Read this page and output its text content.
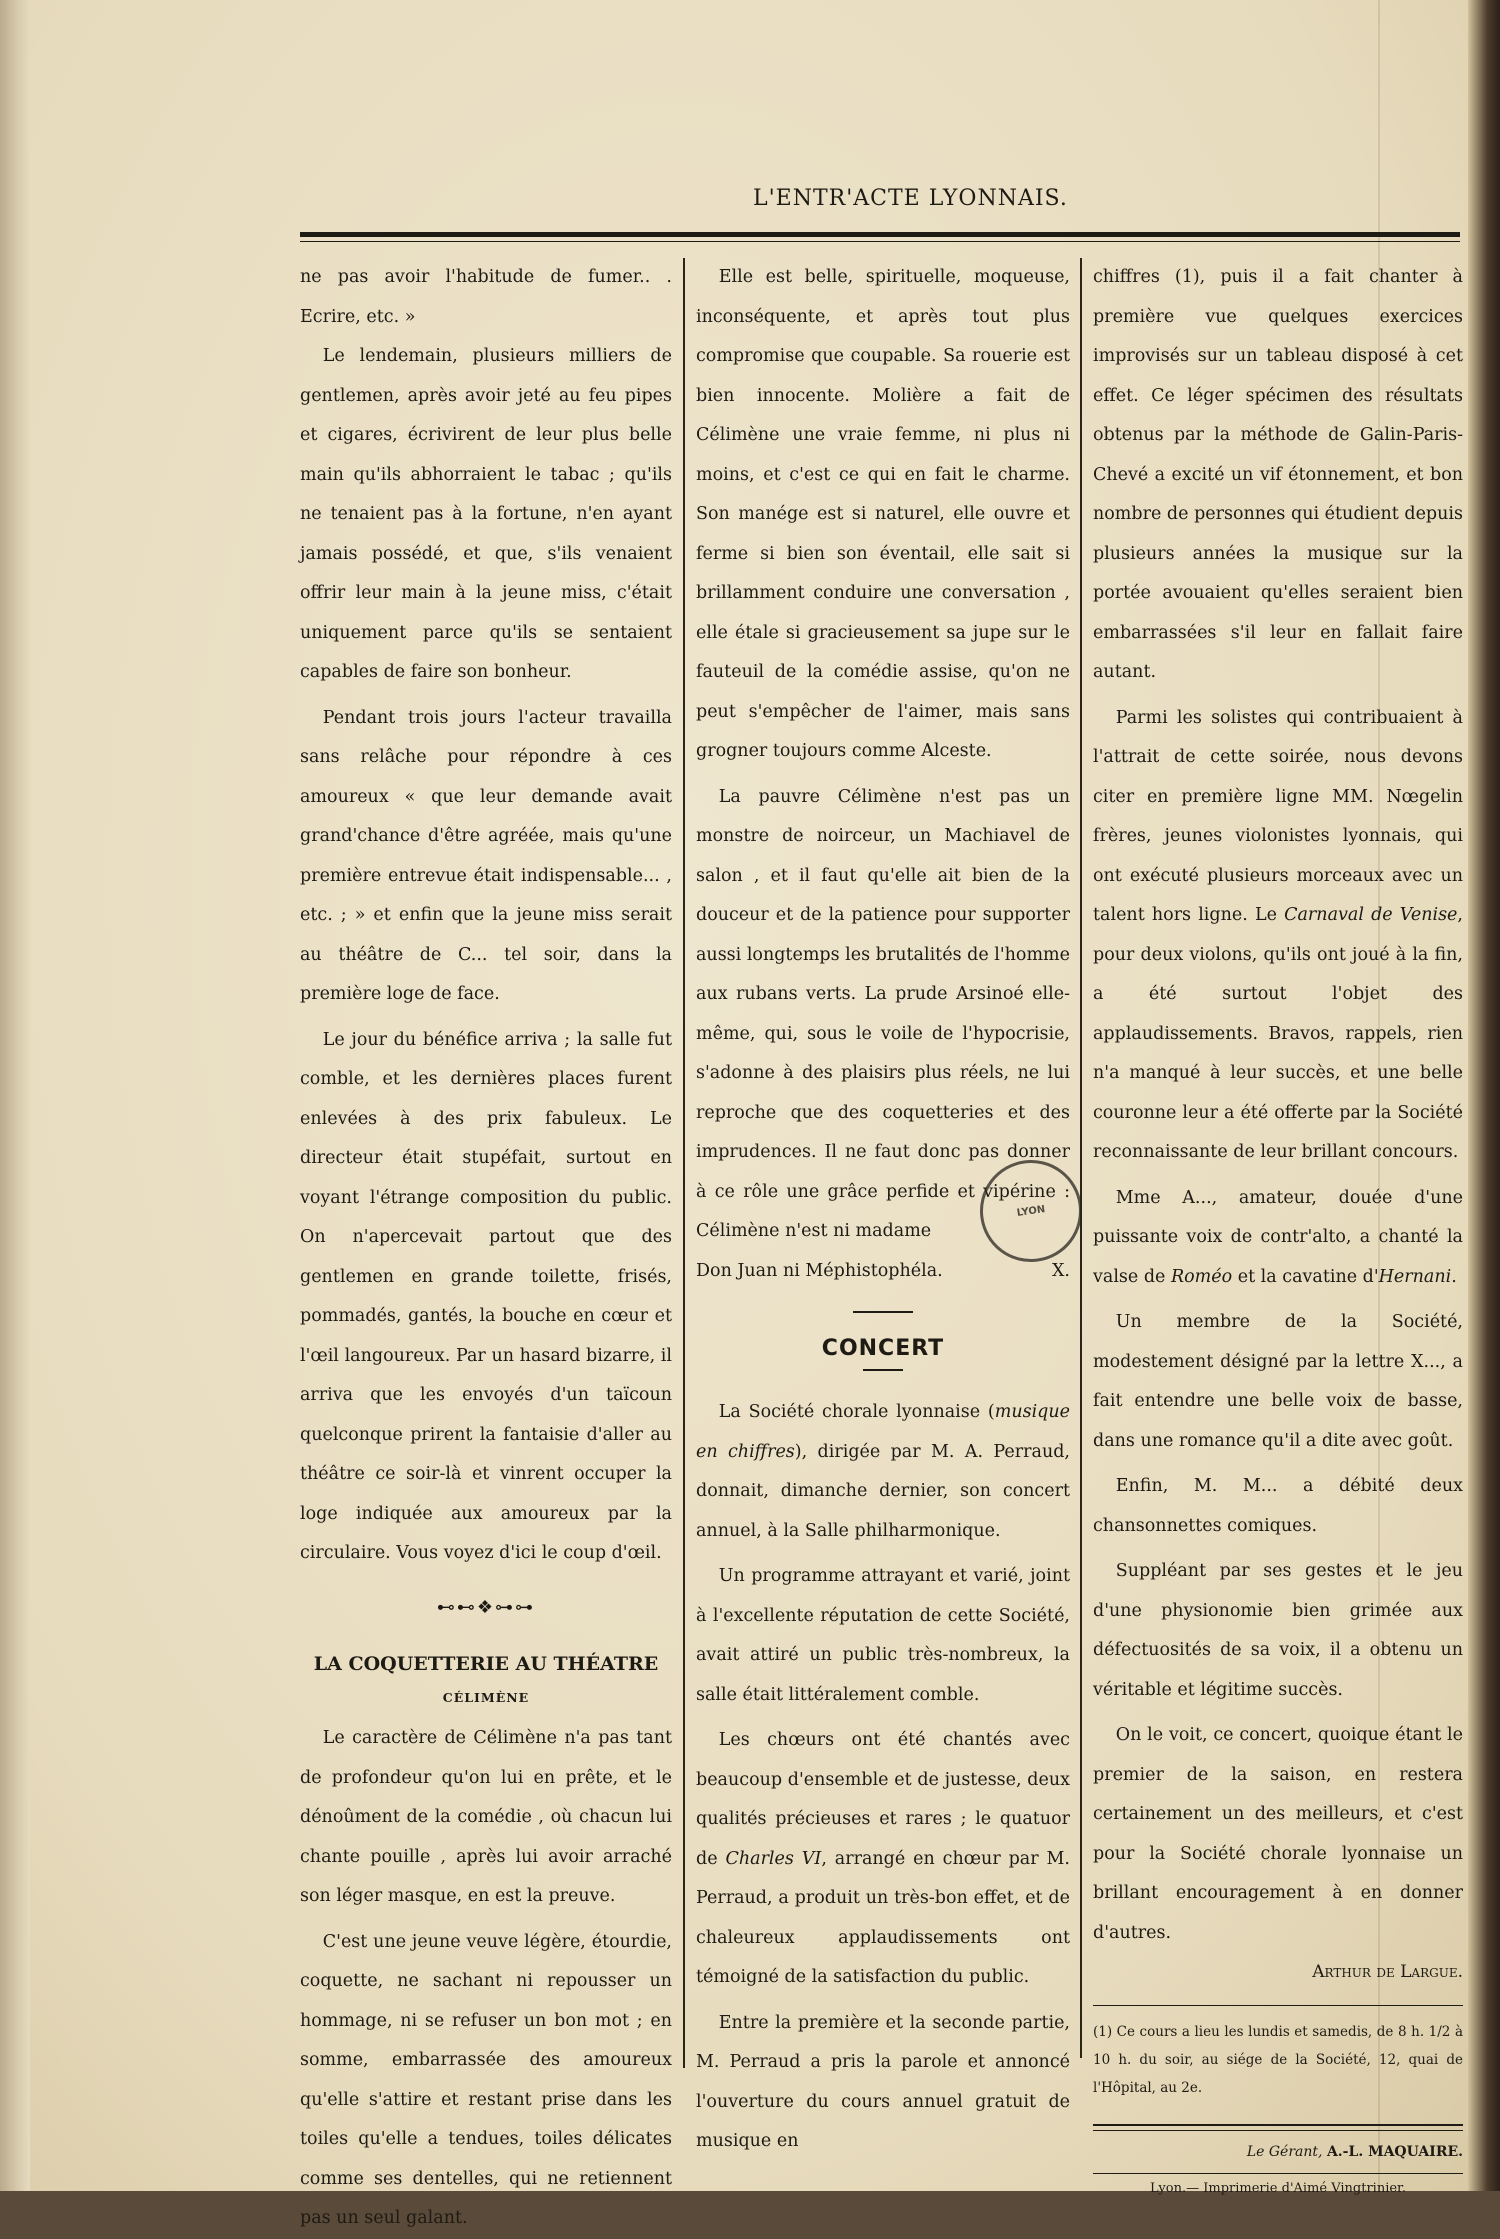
L'ENTR'ACTE LYONNAIS.

ne pas avoir l'habitude de fumer.. . Ecrire, etc. »

Le lendemain, plusieurs milliers de gentlemen, après avoir jeté au feu pipes et cigares, écrivirent de leur plus belle main qu'ils abhorraient le tabac ; qu'ils ne tenaient pas à la fortune, n'en ayant jamais possédé, et que, s'ils venaient offrir leur main à la jeune miss, c'était uniquement parce qu'ils se sentaient capables de faire son bonheur.

Pendant trois jours l'acteur travailla sans relâche pour répondre à ces amoureux « que leur demande avait grand'chance d'être agréée, mais qu'une première entrevue était indispensable... , etc. ; » et enfin que la jeune miss serait au théâtre de C... tel soir, dans la première loge de face.

Le jour du bénéfice arriva ; la salle fut comble, et les dernières places furent enlevées à des prix fabuleux. Le directeur était stupéfait, surtout en voyant l'étrange composition du public. On n'apercevait partout que des gentlemen en grande toilette, frisés, pommadés, gantés, la bouche en cœur et l'œil langoureux. Par un hasard bizarre, il arriva que les envoyés d'un taïcoun quelconque prirent la fantaisie d'aller au théâtre ce soir-là et vinrent occuper la loge indiquée aux amoureux par la circulaire. Vous voyez d'ici le coup d'œil.

⊷⊷❖⊶⊶
LA COQUETTERIE AU THÉATRE
CÉLIMÈNE

Le caractère de Célimène n'a pas tant de profondeur qu'on lui en prête, et le dénoûment de la comédie , où chacun lui chante pouille , après lui avoir arraché son léger masque, en est la preuve.

C'est une jeune veuve légère, étourdie, coquette, ne sachant ni repousser un hommage, ni se refuser un bon mot ; en somme, embarrassée des amoureux qu'elle s'attire et restant prise dans les toiles qu'elle a tendues, toiles délicates comme ses dentelles, qui ne retiennent pas un seul galant.

Elle est belle, spirituelle, moqueuse, inconséquente, et après tout plus compromise que coupable. Sa rouerie est bien innocente. Molière a fait de Célimène une vraie femme, ni plus ni moins, et c'est ce qui en fait le charme. Son manége est si naturel, elle ouvre et ferme si bien son éventail, elle sait si brillamment conduire une conversation , elle étale si gracieusement sa jupe sur le fauteuil de la comédie assise, qu'on ne peut s'empêcher de l'aimer, mais sans grogner toujours comme Alceste.

La pauvre Célimène n'est pas un monstre de noirceur, un Machiavel de salon , et il faut qu'elle ait bien de la douceur et de la patience pour supporter aussi longtemps les brutalités de l'homme aux rubans verts. La prude Arsinoé elle-même, qui, sous le voile de l'hypocrisie, s'adonne à des plaisirs plus réels, ne lui reproche que des coquetteries et des imprudences. Il ne faut donc pas donner à ce rôle une grâce perfide et vipérine : Célimène n'est ni madame

Don Juan ni Méphistophéla.	X.
CONCERT

La Société chorale lyonnaise (musique en chiffres), dirigée par M. A. Perraud, donnait, dimanche dernier, son concert annuel, à la Salle philharmonique.

Un programme attrayant et varié, joint à l'excellente réputation de cette Société, avait attiré un public très-nombreux, la salle était littéralement comble.

Les chœurs ont été chantés avec beaucoup d'ensemble et de justesse, deux qualités précieuses et rares ; le quatuor de Charles VI, arrangé en chœur par M. Perraud, a produit un très-bon effet, et de chaleureux applaudissements ont témoigné de la satisfaction du public.

Entre la première et la seconde partie, M. Perraud a pris la parole et annoncé l'ouverture du cours annuel gratuit de musique en

chiffres (1), puis il a fait chanter à première vue quelques exercices improvisés sur un tableau disposé à cet effet. Ce léger spécimen des résultats obtenus par la méthode de Galin-Paris-Chevé a excité un vif étonnement, et bon nombre de personnes qui étudient depuis plusieurs années la musique sur la portée avouaient qu'elles seraient bien embarrassées s'il leur en fallait faire autant.

Parmi les solistes qui contribuaient à l'attrait de cette soirée, nous devons citer en première ligne MM. Nœgelin frères, jeunes violonistes lyonnais, qui ont exécuté plusieurs morceaux avec un talent hors ligne. Le Carnaval de Venise, pour deux violons, qu'ils ont joué à la fin, a été surtout l'objet des applaudissements. Bravos, rappels, rien n'a manqué à leur succès, et une belle couronne leur a été offerte par la Société reconnaissante de leur brillant concours.

Mme A..., amateur, douée d'une puissante voix de contr'alto, a chanté la valse de Roméo et la cavatine d'Hernani.

Un membre de la Société, modestement désigné par la lettre X..., a fait entendre une belle voix de basse, dans une romance qu'il a dite avec goût.

Enfin, M. M... a débité deux chansonnettes comiques.

Suppléant par ses gestes et le jeu d'une physionomie bien grimée aux défectuosités de sa voix, il a obtenu un véritable et légitime succès.

On le voit, ce concert, quoique étant le premier de la saison, en restera certainement un des meilleurs, et c'est pour la Société chorale lyonnaise un brillant encouragement à en donner d'autres.

Arthur de Largue.
(1) Ce cours a lieu les lundis et samedis, de 8 h. 1/2 à 10 h. du soir, au siége de la Société, 12, quai de l'Hôpital, au 2e.
Le Gérant, A.-L. MAQUAIRE.
Lyon.— Imprimerie d'Aimé Vingtrinier.
LYON
